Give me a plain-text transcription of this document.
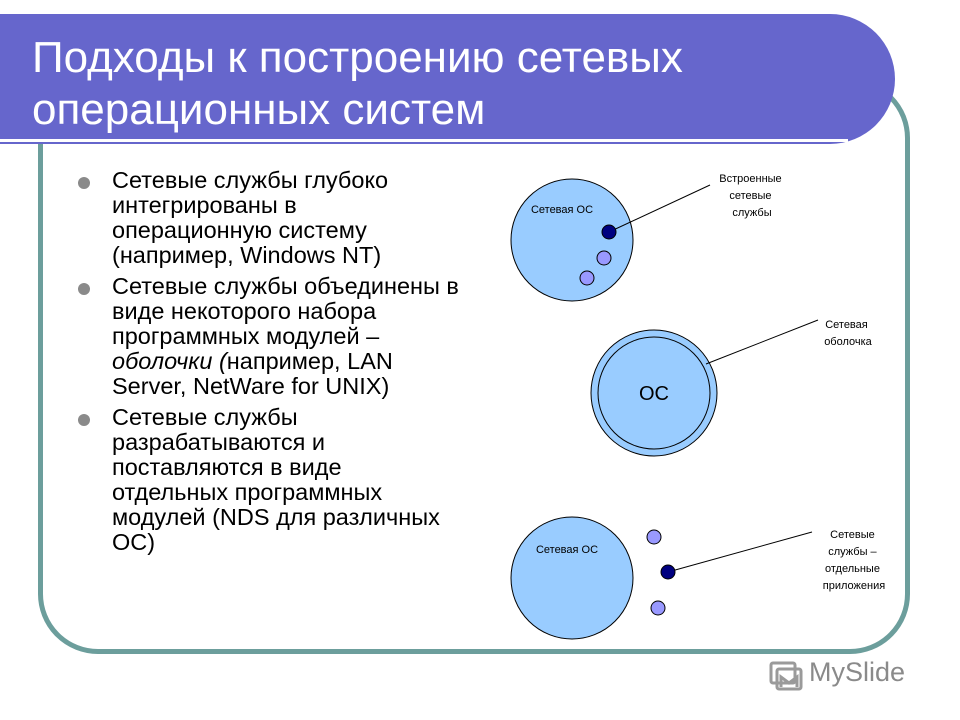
Подходы к построению сетевых
операционных систем
Сетевые службы глубоко интегрированы в операционную систему (например, Windows NT)
Сетевые службы объединены в виде некоторого набора программных модулей – оболочки (например, LAN Server, NetWare for UNIX)
Сетевые службы разрабатываются и поставляются в виде отдельных программных модулей (NDS для различных ОС)
Сетевая ОС
Встроенные сетевые службы
ОС
Сетевая оболочка
Сетевая ОС
Сетевые службы – отдельные приложения
MySlide
